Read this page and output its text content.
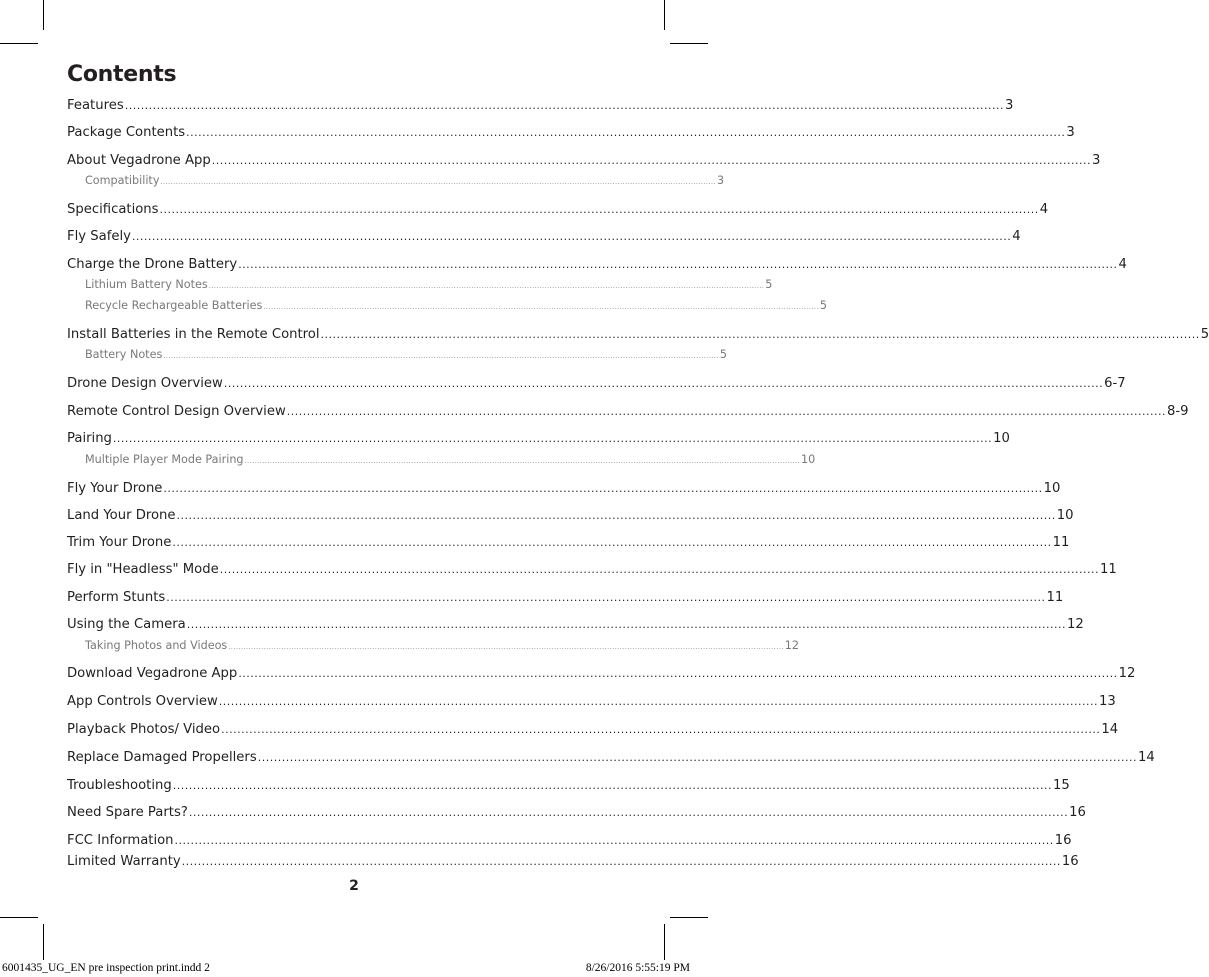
Contents
Features ............................................................................................................................................................................................................................ 3
Package Contents ............................................................................................................................................................................................................................ 3
About Vegadrone App ............................................................................................................................................................................................................................ 3
Compatibility ............................................................................................................................................................................................................................ 3
Specifications ............................................................................................................................................................................................................................ 4
Fly Safely ............................................................................................................................................................................................................................ 4
Charge the Drone Battery ............................................................................................................................................................................................................................ 4
Lithium Battery Notes ............................................................................................................................................................................................................................ 5
Recycle Rechargeable Batteries ............................................................................................................................................................................................................................ 5
Install Batteries in the Remote Control ............................................................................................................................................................................................................................ 5
Battery Notes ............................................................................................................................................................................................................................ 5
Drone Design Overview ............................................................................................................................................................................................................................ 6-7
Remote Control Design Overview ............................................................................................................................................................................................................................ 8-9
Pairing ............................................................................................................................................................................................................................ 10
Multiple Player Mode Pairing ............................................................................................................................................................................................................................ 10
Fly Your Drone ............................................................................................................................................................................................................................ 10
Land Your Drone ............................................................................................................................................................................................................................ 10
Trim Your Drone ............................................................................................................................................................................................................................ 11
Fly in "Headless" Mode ............................................................................................................................................................................................................................ 11
Perform Stunts ............................................................................................................................................................................................................................ 11
Using the Camera ............................................................................................................................................................................................................................ 12
Taking Photos and Videos ............................................................................................................................................................................................................................ 12
Download Vegadrone App ............................................................................................................................................................................................................................ 12
App Controls Overview ............................................................................................................................................................................................................................ 13
Playback Photos/ Video ............................................................................................................................................................................................................................ 14
Replace Damaged Propellers ............................................................................................................................................................................................................................ 14
Troubleshooting ............................................................................................................................................................................................................................ 15
Need Spare Parts? ............................................................................................................................................................................................................................ 16
FCC Information ............................................................................................................................................................................................................................ 16
Limited Warranty ............................................................................................................................................................................................................................ 16
2
6001435_UG_EN pre inspection print.indd 2	8/26/2016 5:55:19 PM
